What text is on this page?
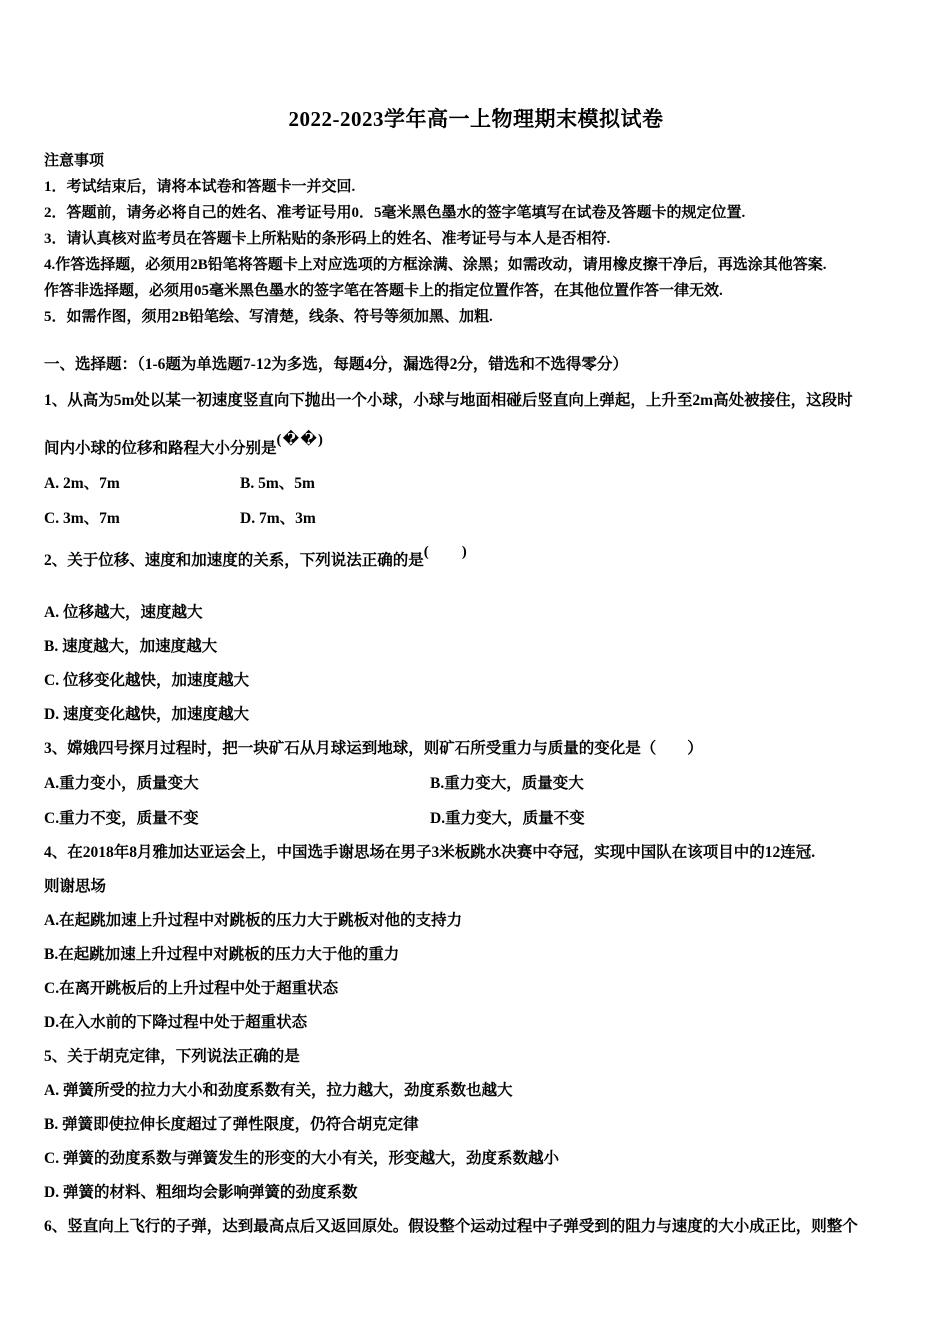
2022-2023学年高一上物理期末模拟试卷

注意事项

1．考试结束后，请将本试卷和答题卡一并交回.

2．答题前，请务必将自己的姓名、准考证号用0．5毫米黑色墨水的签字笔填写在试卷及答题卡的规定位置.

3．请认真核对监考员在答题卡上所粘贴的条形码上的姓名、准考证号与本人是否相符.

4.作答选择题，必须用2B铅笔将答题卡上对应选项的方框涂满、涂黑；如需改动，请用橡皮擦干净后，再选涂其他答案.

作答非选择题，必须用05毫米黑色墨水的签字笔在答题卡上的指定位置作答，在其他位置作答一律无效.

5．如需作图，须用2B铅笔绘、写清楚，线条、符号等须加黑、加粗.

一、选择题：（1-6题为单选题7-12为多选，每题4分，漏选得2分，错选和不选得零分）

1、从高为5m处以某一初速度竖直向下抛出一个小球，小球与地面相碰后竖直向上弹起，上升至2m高处被接住，这段时

间内小球的位移和路程大小分别是(��)

A. 2m、7m	B. 5m、5m
C. 3m、7m	D. 7m、3m

2、关于位移、速度和加速度的关系，下列说法正确的是(　　)

A. 位移越大，速度越大

B. 速度越大，加速度越大

C. 位移变化越快，加速度越大

D. 速度变化越快，加速度越大

3、嫦娥四号探月过程时，把一块矿石从月球运到地球，则矿石所受重力与质量的变化是（　　）

A.重力变小，质量变大	B.重力变大，质量变大
C.重力不变，质量不变	D.重力变大，质量不变

4、在2018年8月雅加达亚运会上，中国选手谢思场在男子3米板跳水决赛中夺冠，实现中国队在该项目中的12连冠.

则谢思场

A.在起跳加速上升过程中对跳板的压力大于跳板对他的支持力

B.在起跳加速上升过程中对跳板的压力大于他的重力

C.在离开跳板后的上升过程中处于超重状态

D.在入水前的下降过程中处于超重状态

5、关于胡克定律，下列说法正确的是

A. 弹簧所受的拉力大小和劲度系数有关，拉力越大，劲度系数也越大

B. 弹簧即使拉伸长度超过了弹性限度，仍符合胡克定律

C. 弹簧的劲度系数与弹簧发生的形变的大小有关，形变越大，劲度系数越小

D. 弹簧的材料、粗细均会影响弹簧的劲度系数

6、竖直向上飞行的子弹，达到最高点后又返回原处。假设整个运动过程中子弹受到的阻力与速度的大小成正比，则整个
